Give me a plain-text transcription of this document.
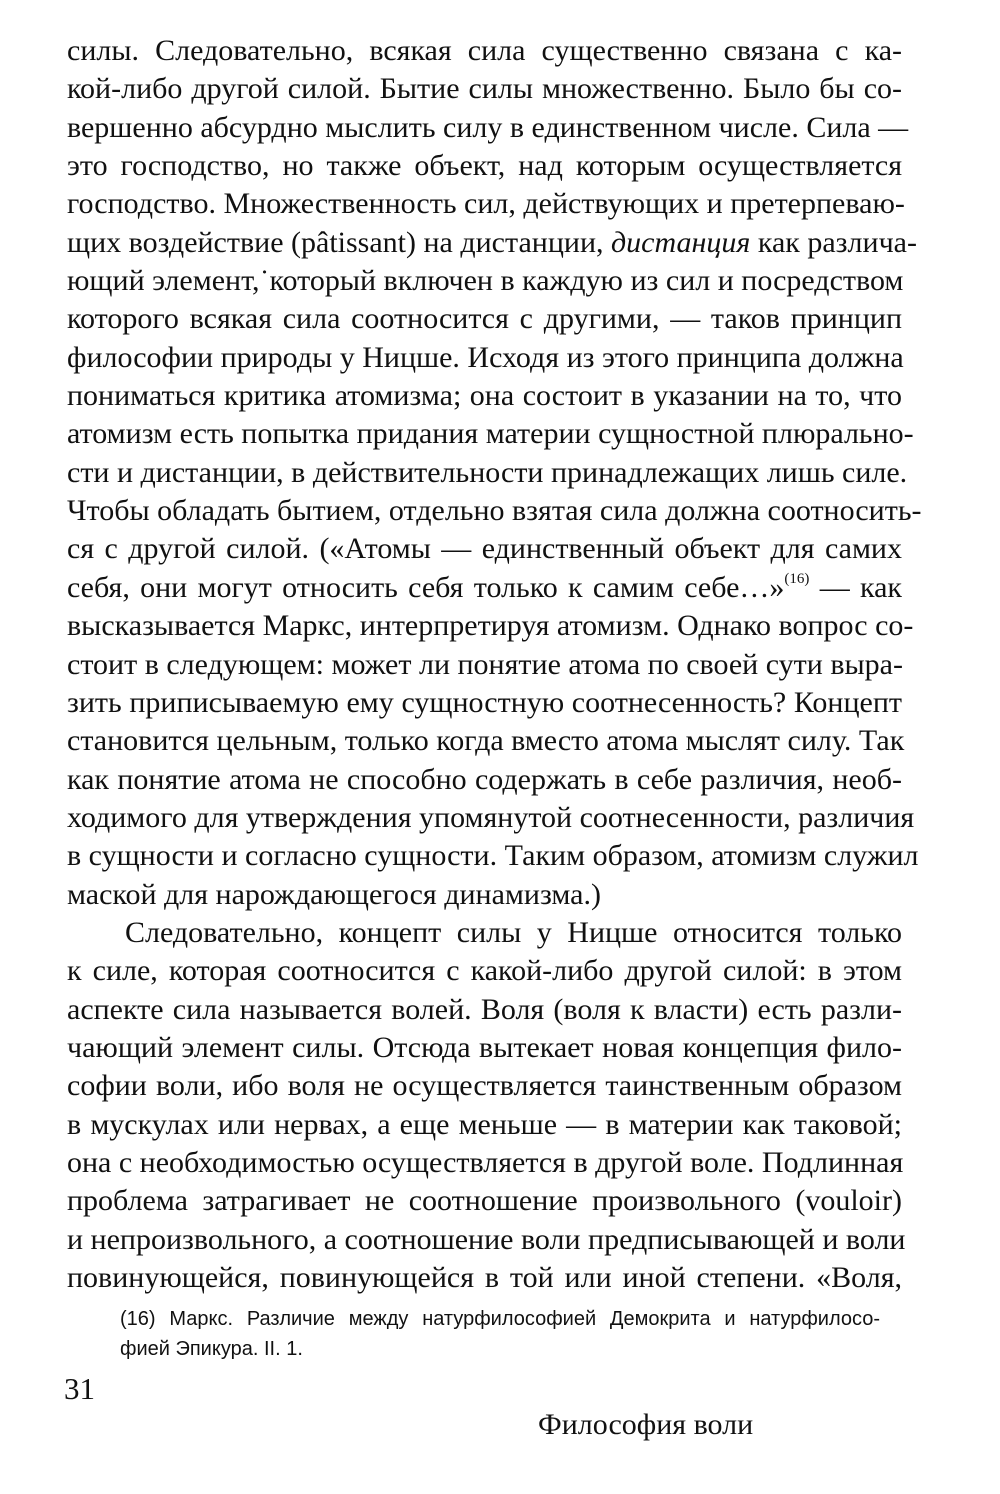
силы. Следовательно, всякая сила существенно связана с ка-
кой-либо другой силой. Бытие силы множественно. Было бы со-
вершенно абсурдно мыслить силу в единственном числе. Сила —
это господство, но также объект, над которым осуществляется
господство. Множественность сил, действующих и претерпеваю-
щих воздействие (pâtissant) на дистанции, дистанция как различа-
ющий элемент,˙который включен в каждую из сил и посредством
которого всякая сила соотносится с другими, — таков принцип
философии природы у Ницше. Исходя из этого принципа должна
пониматься критика атомизма; она состоит в указании на то, что
атомизм есть попытка придания материи сущностной плюрально-
сти и дистанции, в действительности принадлежащих лишь силе.
Чтобы обладать бытием, отдельно взятая сила должна соотносить-
ся с другой силой. («Атомы — единственный объект для самих
себя, они могут относить себя только к самим себе…»$^{(16)}$ — как
высказывается Маркс, интерпретируя атомизм. Однако вопрос со-
стоит в следующем: может ли понятие атома по своей сути выра-
зить приписываемую ему сущностную соотнесенность? Концепт
становится цельным, только когда вместо атома мыслят силу. Так
как понятие атома не способно содержать в себе различия, необ-
ходимого для утверждения упомянутой соотнесенности, различия
в сущности и согласно сущности. Таким образом, атомизм служил
маской для нарождающегося динамизма.)
Следовательно, концепт силы у Ницше относится только
к силе, которая соотносится с какой-либо другой силой: в этом
аспекте сила называется волей. Воля (воля к власти) есть разли-
чающий элемент силы. Отсюда вытекает новая концепция фило-
софии воли, ибо воля не осуществляется таинственным образом
в мускулах или нервах, а еще меньше — в материи как таковой;
она с необходимостью осуществляется в другой воле. Подлинная
проблема затрагивает не соотношение произвольного (vouloir)
и непроизвольного, а соотношение воли предписывающей и воли
повинующейся, повинующейся в той или иной степени. «Воля,
(16) Маркс. Различие между натурфилософией Демокрита и натурфилосо-
фией Эпикура. II. 1.
31
Философия воли
